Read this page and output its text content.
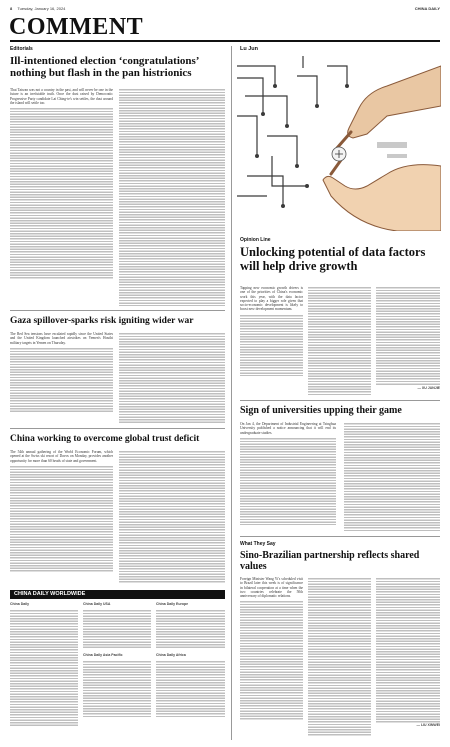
8 Tuesday, January 16, 2024	CHINA DAILY
COMMENT
Editorials
Ill-intentioned election ‘congratulations’ nothing but flash in the pan histrionics
That Taiwan was not a country in the past, and will never be one in the future is an irrefutable truth. Once the dust raised by Democratic Progressive Party candidate Lai Ching-te's win settles, the dust around the island will settle too.
Gaza spillover-sparks risk igniting wider war
The Red Sea tensions have escalated rapidly since the United States and the United Kingdom launched airstrikes on Yemen's Houthi military targets in Yemen on Thursday.
China working to overcome global trust deficit
The 54th annual gathering of the World Economic Forum, which opened at the Swiss ski resort of Davos on Monday, provides another opportunity for more than 60 heads of state and government.
CHINA DAILY WORLDWIDE
China Daily	China Daily USA
China Daily Asia Pacific
China Daily Europe
China Daily Africa
Lu Jun
Opinion Line
Unlocking potential of data factors will help drive growth
Tapping new economic growth drivers is one of the priorities of China's economic work this year, with the data factor expected to play a bigger role given that socio-economic development is likely to boost new development momentum.
— XU JUNJIE
Sign of universities upping their game
On Jan 4, the Department of Industrial Engineering at Tsinghua University published a notice announcing that it will end its undergraduate studies.
What They Say
Sino-Brazilian partnership reflects shared values
Foreign Minister Wang Yi's scheduled visit to Brazil later this week is of significance in bilateral cooperation at a time when the two countries celebrate the 50th anniversary of diplomatic relations.
— LIU XINWEI
